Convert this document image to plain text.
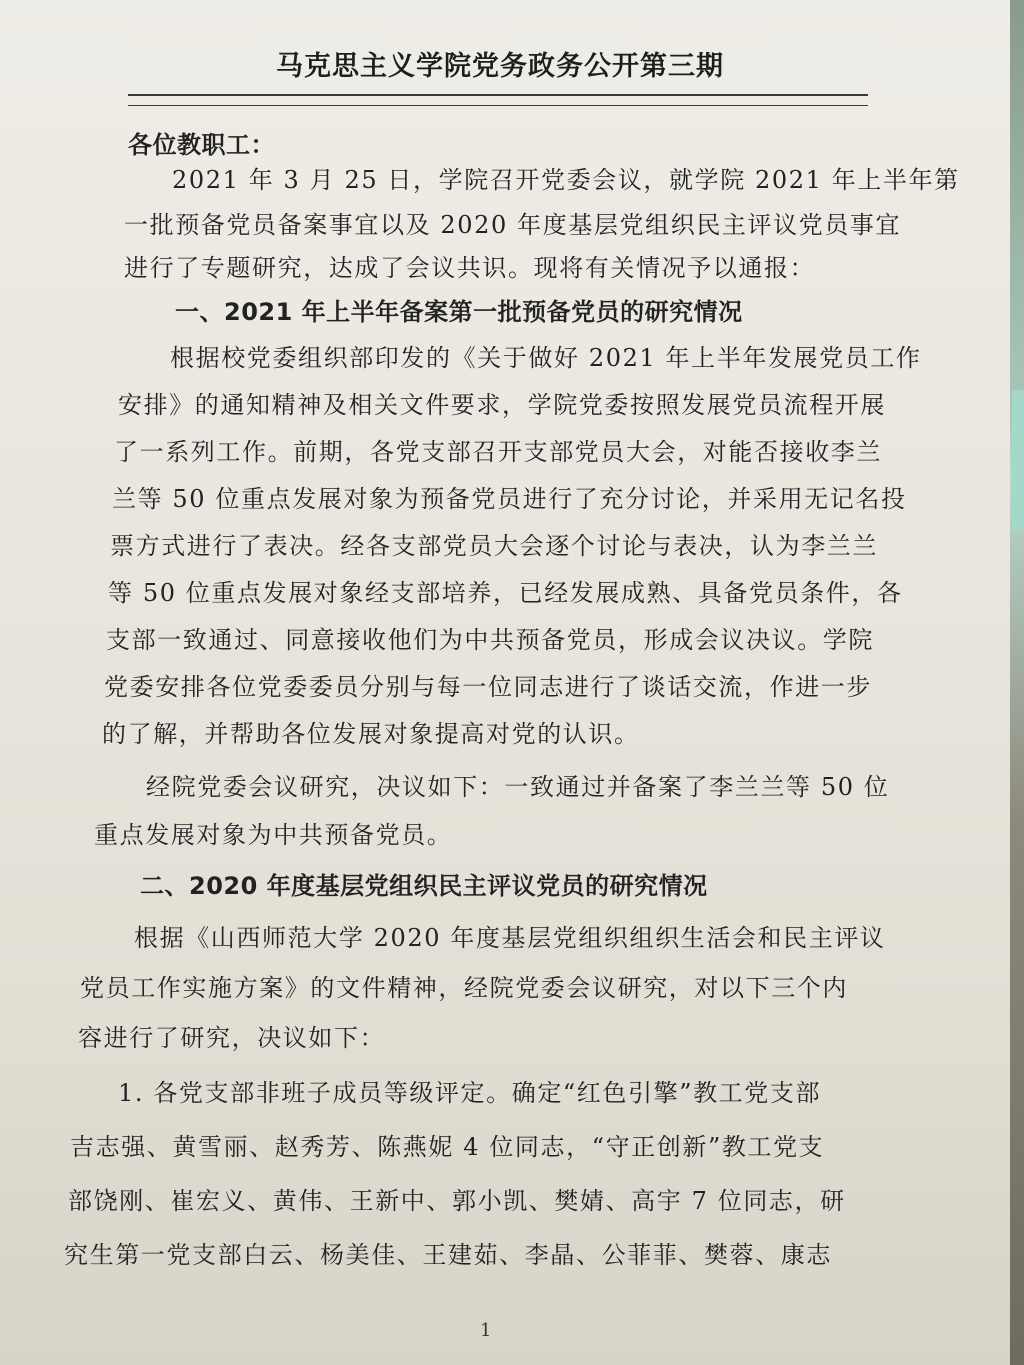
马克思主义学院党务政务公开第三期
各位教职工：
2021 年 3 月 25 日，学院召开党委会议，就学院 2021 年上半年第
一批预备党员备案事宜以及 2020 年度基层党组织民主评议党员事宜
进行了专题研究，达成了会议共识。现将有关情况予以通报：
一、2021 年上半年备案第一批预备党员的研究情况
根据校党委组织部印发的《关于做好 2021 年上半年发展党员工作
安排》的通知精神及相关文件要求，学院党委按照发展党员流程开展
了一系列工作。前期，各党支部召开支部党员大会，对能否接收李兰
兰等 50 位重点发展对象为预备党员进行了充分讨论，并采用无记名投
票方式进行了表决。经各支部党员大会逐个讨论与表决，认为李兰兰
等 50 位重点发展对象经支部培养，已经发展成熟、具备党员条件，各
支部一致通过、同意接收他们为中共预备党员，形成会议决议。学院
党委安排各位党委委员分别与每一位同志进行了谈话交流，作进一步
的了解，并帮助各位发展对象提高对党的认识。
经院党委会议研究，决议如下：一致通过并备案了李兰兰等 50 位
重点发展对象为中共预备党员。
二、2020 年度基层党组织民主评议党员的研究情况
根据《山西师范大学 2020 年度基层党组织组织生活会和民主评议
党员工作实施方案》的文件精神，经院党委会议研究，对以下三个内
容进行了研究，决议如下：
1. 各党支部非班子成员等级评定。确定“红色引擎”教工党支部
吉志强、黄雪丽、赵秀芳、陈燕妮 4 位同志，“守正创新”教工党支
部饶刚、崔宏义、黄伟、王新中、郭小凯、樊婧、高宇 7 位同志，研
究生第一党支部白云、杨美佳、王建茹、李晶、公菲菲、樊蓉、康志
1
